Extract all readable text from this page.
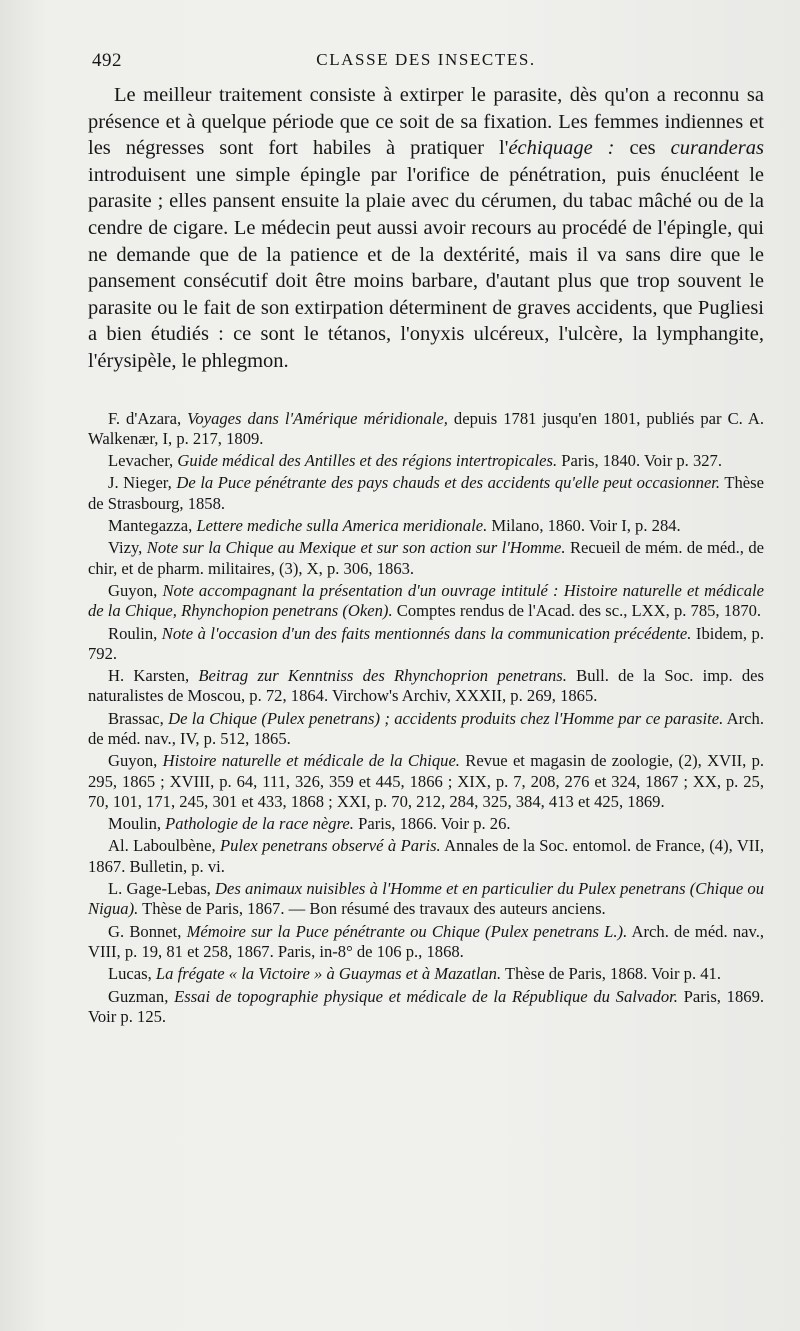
492	CLASSE DES INSECTES.

Le meilleur traitement consiste à extirper le parasite, dès qu'on a reconnu sa présence et à quelque période que ce soit de sa fixation. Les femmes indiennes et les négresses sont fort habiles à pratiquer l'échiquage : ces curanderas introduisent une simple épingle par l'orifice de pénétration, puis énucléent le parasite ; elles pansent ensuite la plaie avec du cérumen, du tabac mâché ou de la cendre de cigare. Le médecin peut aussi avoir recours au procédé de l'épingle, qui ne demande que de la patience et de la dextérité, mais il va sans dire que le pansement consécutif doit être moins barbare, d'autant plus que trop souvent le parasite ou le fait de son extirpation déterminent de graves accidents, que Pugliesi a bien étudiés : ce sont le tétanos, l'onyxis ulcéreux, l'ulcère, la lymphangite, l'érysipèle, le phlegmon.

F. d'Azara, Voyages dans l'Amérique méridionale, depuis 1781 jusqu'en 1801, publiés par C. A. Walkenær, I, p. 217, 1809.

Levacher, Guide médical des Antilles et des régions intertropicales. Paris, 1840. Voir p. 327.

J. Nieger, De la Puce pénétrante des pays chauds et des accidents qu'elle peut occasionner. Thèse de Strasbourg, 1858.

Mantegazza, Lettere mediche sulla America meridionale. Milano, 1860. Voir I, p. 284.

Vizy, Note sur la Chique au Mexique et sur son action sur l'Homme. Recueil de mém. de méd., de chir, et de pharm. militaires, (3), X, p. 306, 1863.

Guyon, Note accompagnant la présentation d'un ouvrage intitulé : Histoire naturelle et médicale de la Chique, Rhynchopion penetrans (Oken). Comptes rendus de l'Acad. des sc., LXX, p. 785, 1870.

Roulin, Note à l'occasion d'un des faits mentionnés dans la communication précédente. Ibidem, p. 792.

H. Karsten, Beitrag zur Kenntniss des Rhynchoprion penetrans. Bull. de la Soc. imp. des naturalistes de Moscou, p. 72, 1864. Virchow's Archiv, XXXII, p. 269, 1865.

Brassac, De la Chique (Pulex penetrans) ; accidents produits chez l'Homme par ce parasite. Arch. de méd. nav., IV, p. 512, 1865.

Guyon, Histoire naturelle et médicale de la Chique. Revue et magasin de zoologie, (2), XVII, p. 295, 1865 ; XVIII, p. 64, 111, 326, 359 et 445, 1866 ; XIX, p. 7, 208, 276 et 324, 1867 ; XX, p. 25, 70, 101, 171, 245, 301 et 433, 1868 ; XXI, p. 70, 212, 284, 325, 384, 413 et 425, 1869.

Moulin, Pathologie de la race nègre. Paris, 1866. Voir p. 26.

Al. Laboulbène, Pulex penetrans observé à Paris. Annales de la Soc. entomol. de France, (4), VII, 1867. Bulletin, p. vi.

L. Gage-Lebas, Des animaux nuisibles à l'Homme et en particulier du Pulex penetrans (Chique ou Nigua). Thèse de Paris, 1867. — Bon résumé des travaux des auteurs anciens.

G. Bonnet, Mémoire sur la Puce pénétrante ou Chique (Pulex penetrans L.). Arch. de méd. nav., VIII, p. 19, 81 et 258, 1867. Paris, in-8° de 106 p., 1868.

Lucas, La frégate « la Victoire » à Guaymas et à Mazatlan. Thèse de Paris, 1868. Voir p. 41.

Guzman, Essai de topographie physique et médicale de la République du Salvador. Paris, 1869. Voir p. 125.
